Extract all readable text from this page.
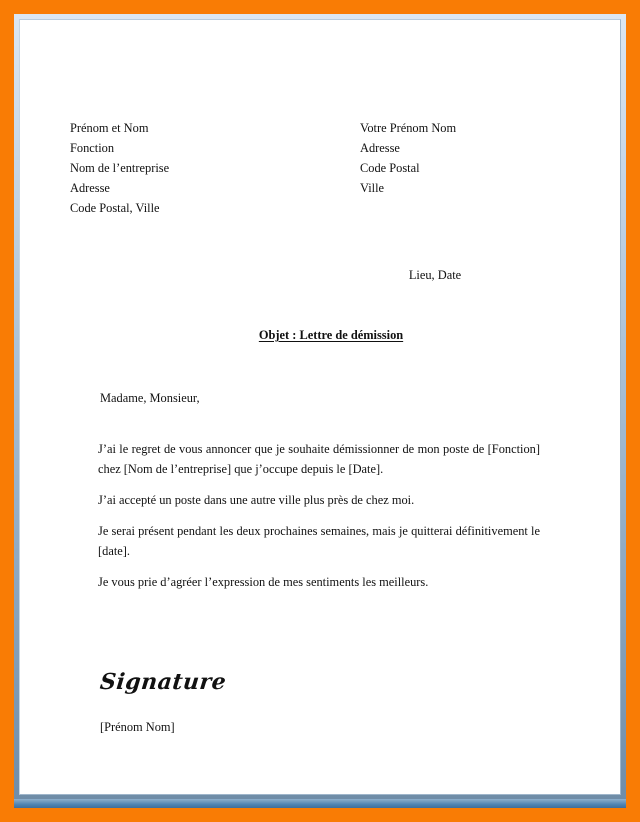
Prénom et Nom
Fonction
Nom de l’entreprise
Adresse
Code Postal, Ville
Votre Prénom Nom
Adresse
Code Postal
Ville
Lieu, Date
Objet : Lettre de démission
Madame, Monsieur,

J’ai le regret de vous annoncer que je souhaite démissionner de mon poste de [Fonction] chez [Nom de l’entreprise] que j’occupe depuis le [Date].

J’ai accepté un poste dans une autre ville plus près de chez moi.

Je serai présent pendant les deux prochaines semaines, mais je quitterai définitivement le [date].

Je vous prie d’agréer l’expression de mes sentiments les meilleurs.

Signature
[Prénom Nom]
